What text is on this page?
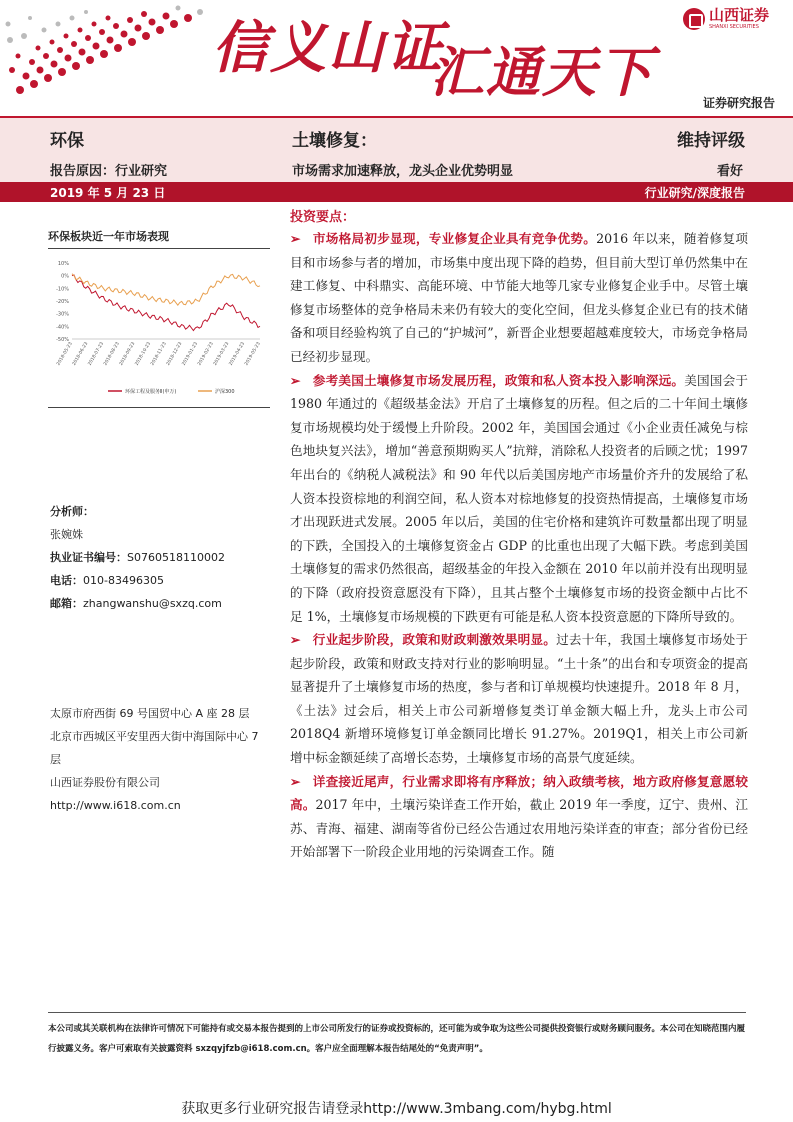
信义山证
汇通天下
山西证券
SHANXI SECURITIES
证券研究报告
环保
报告原因：行业研究
土壤修复：
市场需求加速释放，龙头企业优势明显
维持评级
看好
2019 年 5 月 23 日	行业研究/深度报告
环保板块近一年市场表现
10%
0%
-10%
-20%
-30%
-40%
-50%
2018-05-23
2018-06-23
2018-07-23
2018-08-23
2018-09-23
2018-10-23
2018-11-23
2018-12-23
2019-01-23
2019-02-23
2019-03-23
2019-04-23
2019-05-23
环保工程及服务Ⅱ(申万)	沪深300
分析师：
张婉姝
执业证书编号：S0760518110002
电话：010-83496305
邮箱：zhangwanshu@sxzq.com
太原市府西街 69 号国贸中心 A 座 28 层
北京市西城区平安里西大街中海国际中心 7 层
山西证券股份有限公司
http://www.i618.com.cn
投资要点：

➢ 市场格局初步显现，专业修复企业具有竞争优势。2016 年以来，随着修复项目和市场参与者的增加，市场集中度出现下降的趋势，但目前大型订单仍然集中在建工修复、中科鼎实、高能环境、中节能大地等几家专业修复企业手中。尽管土壤修复市场整体的竞争格局未来仍有较大的变化空间，但龙头修复企业已有的技术储备和项目经验构筑了自己的“护城河”，新晋企业想要超越难度较大，市场竞争格局已经初步显现。

➢ 参考美国土壤修复市场发展历程，政策和私人资本投入影响深远。美国国会于 1980 年通过的《超级基金法》开启了土壤修复的历程。但之后的二十年间土壤修复市场规模均处于缓慢上升阶段。2002 年，美国国会通过《小企业责任减免与棕色地块复兴法》，增加“善意预期购买人”抗辩，消除私人投资者的后顾之忧；1997 年出台的《纳税人减税法》和 90 年代以后美国房地产市场量价齐升的发展给了私人资本投资棕地的利润空间，私人资本对棕地修复的投资热情提高，土壤修复市场才出现跃进式发展。2005 年以后，美国的住宅价格和建筑许可数量都出现了明显的下跌，全国投入的土壤修复资金占 GDP 的比重也出现了大幅下跌。考虑到美国土壤修复的需求仍然很高，超级基金的年投入金额在 2010 年以前并没有出现明显的下降（政府投资意愿没有下降），且其占整个土壤修复市场的投资金额中占比不足 1%，土壤修复市场规模的下跌更有可能是私人资本投资意愿的下降所导致的。

➢ 行业起步阶段，政策和财政刺激效果明显。过去十年，我国土壤修复市场处于起步阶段，政策和财政支持对行业的影响明显。“土十条”的出台和专项资金的提高显著提升了土壤修复市场的热度，参与者和订单规模均快速提升。2018 年 8 月，《土法》过会后，相关上市公司新增修复类订单金额大幅上升，龙头上市公司 2018Q4 新增环境修复订单金额同比增长 91.27%。2019Q1，相关上市公司新增中标金额延续了高增长态势，土壤修复市场的高景气度延续。

➢ 详查接近尾声，行业需求即将有序释放；纳入政绩考核，地方政府修复意愿较高。2017 年中，土壤污染详查工作开始，截止 2019 年一季度，辽宁、贵州、江苏、青海、福建、湖南等省份已经公告通过农用地污染详查的审查；部分省份已经开始部署下一阶段企业用地的污染调查工作。随

本公司或其关联机构在法律许可情况下可能持有或交易本报告提到的上市公司所发行的证券或投资标的，还可能为或争取为这些公司提供投资银行或财务顾问服务。本公司在知晓范围内履行披露义务。客户可索取有关披露资料 sxzqyjfzb@i618.com.cn。客户应全面理解本报告结尾处的“免责声明”。
获取更多行业研究报告请登录http://www.3mbang.com/hybg.html
